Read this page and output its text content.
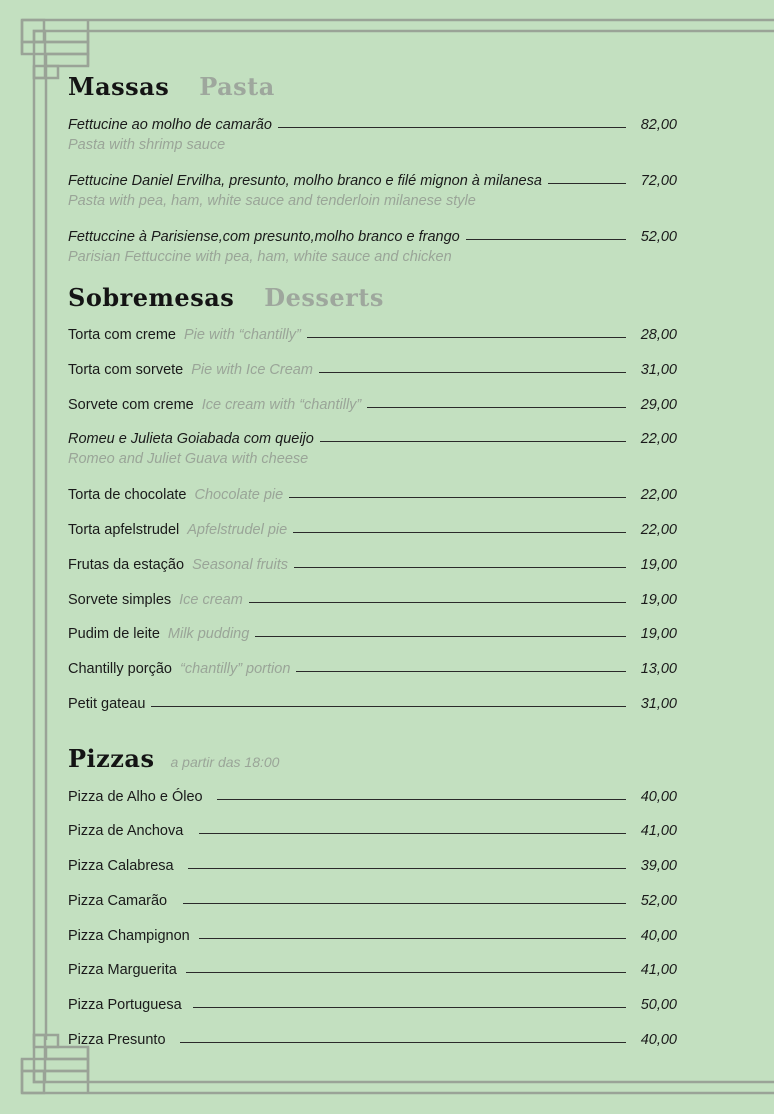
Massas Pasta
Fettucine ao molho de camarão	82,00
Pasta with shrimp sauce
Fettucine Daniel Ervilha, presunto, molho branco e filé mignon à milanesa	72,00
Pasta with pea, ham, white sauce and tenderloin milanese style
Fettuccine à Parisiense,com presunto,molho branco e frango	52,00
Parisian Fettuccine with pea, ham, white sauce and chicken
Sobremesas Desserts
Torta com creme Pie with “chantilly”	28,00
Torta com sorvete Pie with Ice Cream	31,00
Sorvete com creme Ice cream with “chantilly”	29,00
Romeu e Julieta Goiabada com queijo	22,00
Romeo and Juliet Guava with cheese
Torta de chocolate Chocolate pie	22,00
Torta apfelstrudel Apfelstrudel pie	22,00
Frutas da estação Seasonal fruits	19,00
Sorvete simples Ice cream	19,00
Pudim de leite Milk pudding	19,00
Chantilly porção “chantilly” portion	13,00
Petit gateau	31,00
Pizzas a partir das 18:00
Pizza de Alho e Óleo	40,00
Pizza de Anchova	41,00
Pizza Calabresa	39,00
Pizza Camarão	52,00
Pizza Champignon	40,00
Pizza Marguerita	41,00
Pizza Portuguesa	50,00
Pizza Presunto	40,00
